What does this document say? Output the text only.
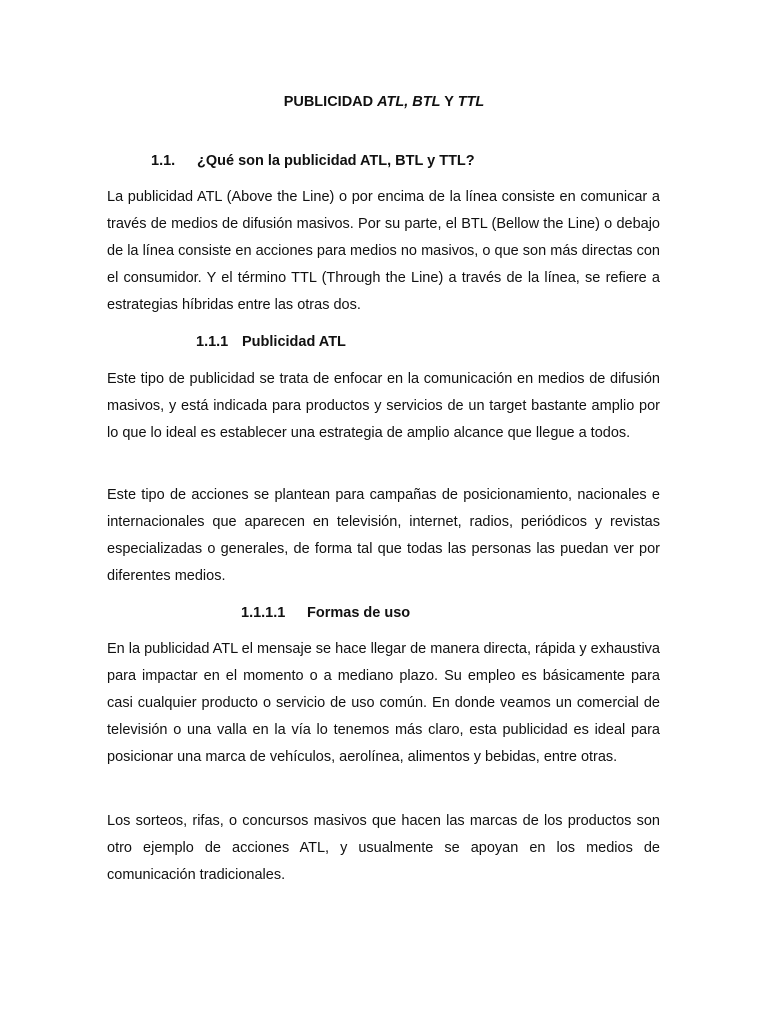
PUBLICIDAD ATL, BTL Y TTL
1.1. ¿Qué son la publicidad ATL, BTL y TTL?

La publicidad ATL (Above the Line) o por encima de la línea consiste en comunicar a través de medios de difusión masivos. Por su parte, el BTL (Bellow the Line) o debajo de la línea consiste en acciones para medios no masivos, o que son más directas con el consumidor. Y el término TTL (Through the Line) a través de la línea, se refiere a estrategias híbridas entre las otras dos.

1.1.1 Publicidad ATL

Este tipo de publicidad se trata de enfocar en la comunicación en medios de difusión masivos, y está indicada para productos y servicios de un target bastante amplio por lo que lo ideal es establecer una estrategia de amplio alcance que llegue a todos.

Este tipo de acciones se plantean para campañas de posicionamiento, nacionales e internacionales que aparecen en televisión, internet, radios, periódicos y revistas especializadas o generales, de forma tal que todas las personas las puedan ver por diferentes medios.

1.1.1.1 Formas de uso

En la publicidad ATL el mensaje se hace llegar de manera directa, rápida y exhaustiva para impactar en el momento o a mediano plazo. Su empleo es básicamente para casi cualquier producto o servicio de uso común. En donde veamos un comercial de televisión o una valla en la vía lo tenemos más claro, esta publicidad es ideal para posicionar una marca de vehículos, aerolínea, alimentos y bebidas, entre otras.

Los sorteos, rifas, o concursos masivos que hacen las marcas de los productos son otro ejemplo de acciones ATL, y usualmente se apoyan en los medios de comunicación tradicionales.
